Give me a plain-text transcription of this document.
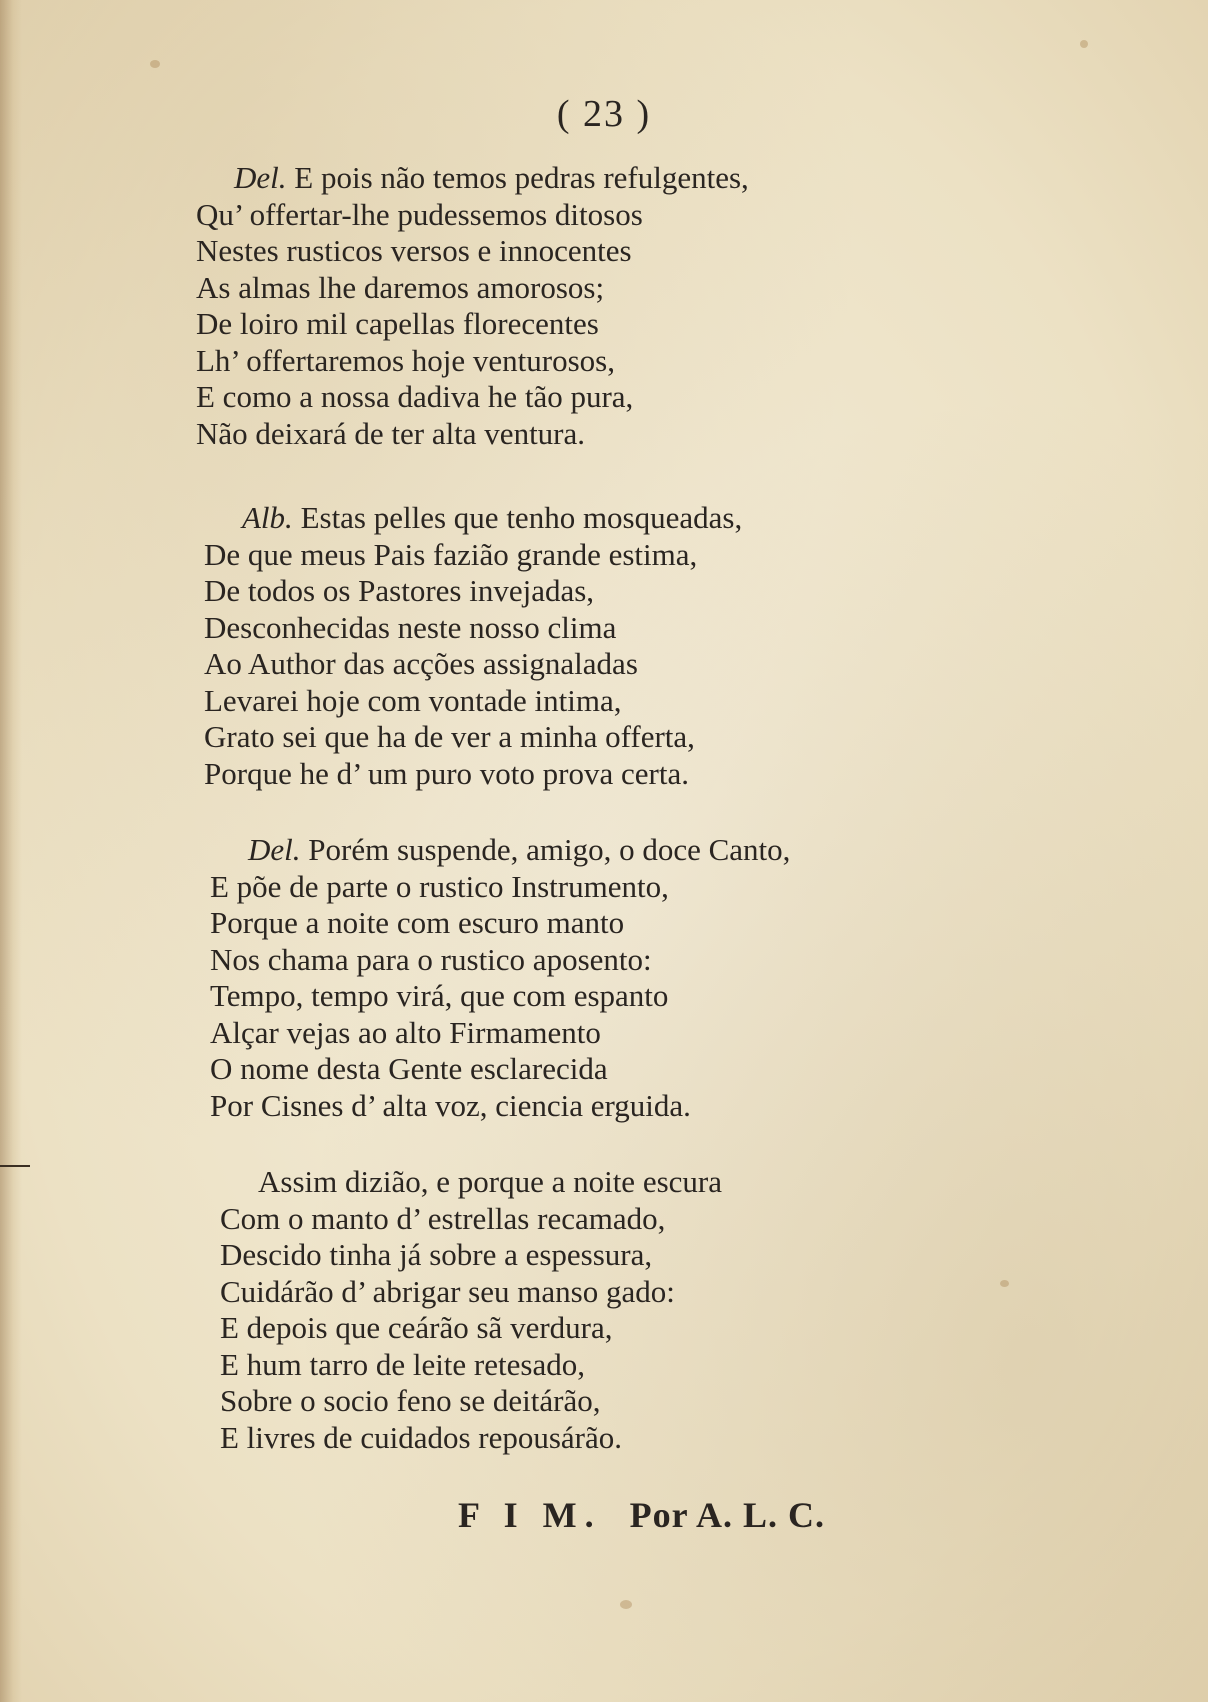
( 23 )
Del. E pois não temos pedras refulgentes,
Qu’ offertar-lhe pudessemos ditosos
Nestes rusticos versos e innocentes
As almas lhe daremos amorosos;
De loiro mil capellas florecentes
Lh’ offertaremos hoje venturosos,
E como a nossa dadiva he tão pura,
Não deixará de ter alta ventura.
Alb. Estas pelles que tenho mosqueadas,
De que meus Pais fazião grande estima,
De todos os Pastores invejadas,
Desconhecidas neste nosso clima
Ao Author das acções assignaladas
Levarei hoje com vontade intima,
Grato sei que ha de ver a minha offerta,
Porque he d’ um puro voto prova certa.
Del. Porém suspende, amigo, o doce Canto,
E põe de parte o rustico Instrumento,
Porque a noite com escuro manto
Nos chama para o rustico aposento:
Tempo, tempo virá, que com espanto
Alçar vejas ao alto Firmamento
O nome desta Gente esclarecida
Por Cisnes d’ alta voz, ciencia erguida.
Assim dizião, e porque a noite escura
Com o manto d’ estrellas recamado,
Descido tinha já sobre a espessura,
Cuidárão d’ abrigar seu manso gado:
E depois que ceárão sã verdura,
E hum tarro de leite retesado,
Sobre o socio feno se deitárão,
E livres de cuidados repousárão.
F I M. Por A. L. C.
